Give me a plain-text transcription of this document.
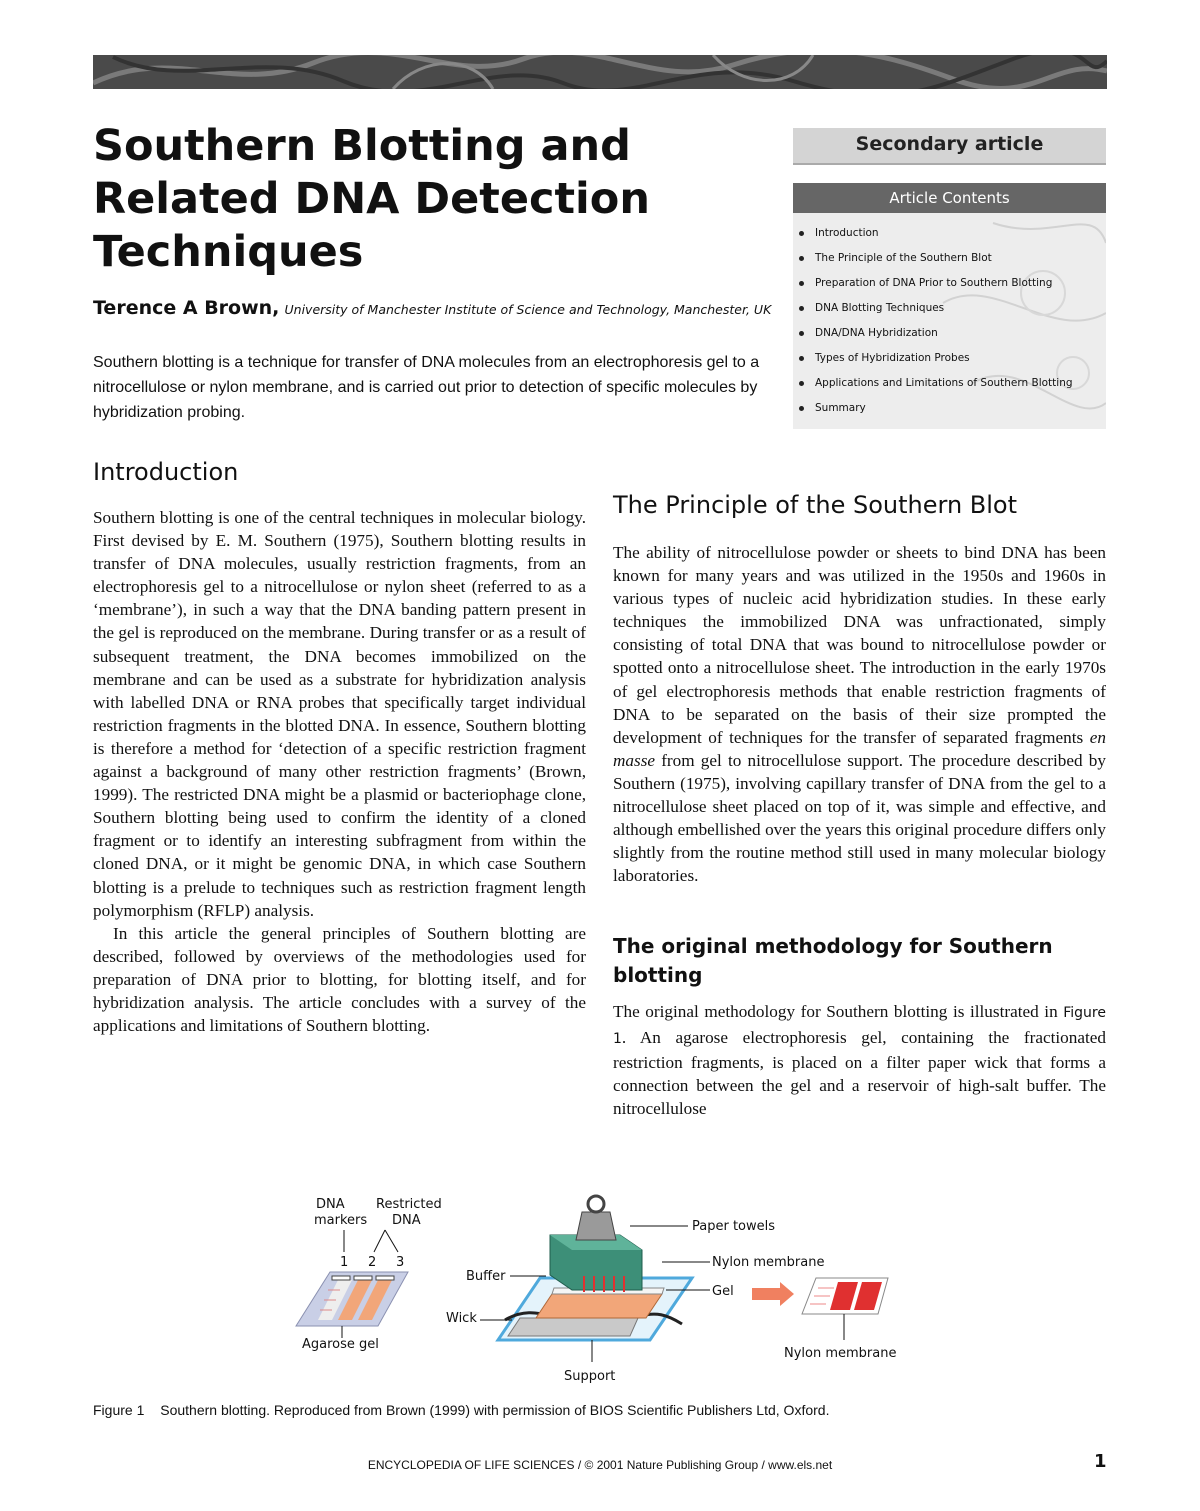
Southern Blotting and Related DNA Detection Techniques
Terence A Brown, University of Manchester Institute of Science and Technology, Manchester, UK

Southern blotting is a technique for transfer of DNA molecules from an electrophoresis gel to a nitrocellulose or nylon membrane, and is carried out prior to detection of specific molecules by hybridization probing.

Secondary article
Article Contents
Introduction
The Principle of the Southern Blot
Preparation of DNA Prior to Southern Blotting
DNA Blotting Techniques
DNA/DNA Hybridization
Types of Hybridization Probes
Applications and Limitations of Southern Blotting
Summary
Introduction

Southern blotting is one of the central techniques in molecular biology. First devised by E. M. Southern (1975), Southern blotting results in transfer of DNA molecules, usually restriction fragments, from an electrophoresis gel to a nitrocellulose or nylon sheet (referred to as a ‘membrane’), in such a way that the DNA banding pattern present in the gel is reproduced on the membrane. During transfer or as a result of subsequent treatment, the DNA becomes immobilized on the membrane and can be used as a substrate for hybridization analysis with labelled DNA or RNA probes that specifically target individual restriction fragments in the blotted DNA. In essence, Southern blotting is therefore a method for ‘detection of a specific restriction fragment against a background of many other restriction fragments’ (Brown, 1999). The restricted DNA might be a plasmid or bacteriophage clone, Southern blotting being used to confirm the identity of a cloned fragment or to identify an interesting subfragment from within the cloned DNA, or it might be genomic DNA, in which case Southern blotting is a prelude to techniques such as restriction fragment length polymorphism (RFLP) analysis.

In this article the general principles of Southern blotting are described, followed by overviews of the methodologies used for preparation of DNA prior to blotting, for blotting itself, and for hybridization analysis. The article concludes with a survey of the applications and limitations of Southern blotting.

The Principle of the Southern Blot

The ability of nitrocellulose powder or sheets to bind DNA has been known for many years and was utilized in the 1950s and 1960s in various types of nucleic acid hybridization studies. In these early techniques the immobilized DNA was unfractionated, simply consisting of total DNA that was bound to nitrocellulose powder or spotted onto a nitrocellulose sheet. The introduction in the early 1970s of gel electrophoresis methods that enable restriction fragments of DNA to be separated on the basis of their size prompted the development of techniques for the transfer of separated fragments en masse from gel to nitrocellulose support. The procedure described by Southern (1975), involving capillary transfer of DNA from the gel to a nitrocellulose sheet placed on top of it, was simple and effective, and although embellished over the years this original procedure differs only slightly from the routine method still used in many molecular biology laboratories.

The original methodology for Southern blotting

The original methodology for Southern blotting is illustrated in Figure 1. An agarose electrophoresis gel, containing the fractionated restriction fragments, is placed on a filter paper wick that forms a connection between the gel and a reservoir of high-salt buffer. The nitrocellulose

DNA
markers
Restricted
DNA
1 2 3
Agarose gel
Buffer
Wick
Support
Paper towels
Nylon membrane
Gel
Nylon membrane
Figure 1 Southern blotting. Reproduced from Brown (1999) with permission of BIOS Scientific Publishers Ltd, Oxford.
ENCYCLOPEDIA OF LIFE SCIENCES / © 2001 Nature Publishing Group / www.els.net	1
